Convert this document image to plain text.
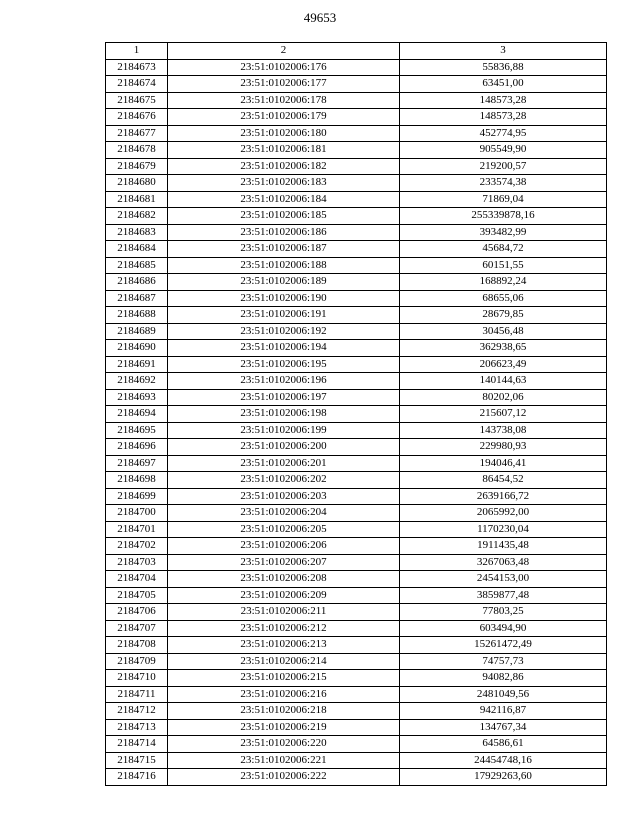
49653
1	2	3
2184673	23:51:0102006:176	55836,88
2184674	23:51:0102006:177	63451,00
2184675	23:51:0102006:178	148573,28
2184676	23:51:0102006:179	148573,28
2184677	23:51:0102006:180	452774,95
2184678	23:51:0102006:181	905549,90
2184679	23:51:0102006:182	219200,57
2184680	23:51:0102006:183	233574,38
2184681	23:51:0102006:184	71869,04
2184682	23:51:0102006:185	255339878,16
2184683	23:51:0102006:186	393482,99
2184684	23:51:0102006:187	45684,72
2184685	23:51:0102006:188	60151,55
2184686	23:51:0102006:189	168892,24
2184687	23:51:0102006:190	68655,06
2184688	23:51:0102006:191	28679,85
2184689	23:51:0102006:192	30456,48
2184690	23:51:0102006:194	362938,65
2184691	23:51:0102006:195	206623,49
2184692	23:51:0102006:196	140144,63
2184693	23:51:0102006:197	80202,06
2184694	23:51:0102006:198	215607,12
2184695	23:51:0102006:199	143738,08
2184696	23:51:0102006:200	229980,93
2184697	23:51:0102006:201	194046,41
2184698	23:51:0102006:202	86454,52
2184699	23:51:0102006:203	2639166,72
2184700	23:51:0102006:204	2065992,00
2184701	23:51:0102006:205	1170230,04
2184702	23:51:0102006:206	1911435,48
2184703	23:51:0102006:207	3267063,48
2184704	23:51:0102006:208	2454153,00
2184705	23:51:0102006:209	3859877,48
2184706	23:51:0102006:211	77803,25
2184707	23:51:0102006:212	603494,90
2184708	23:51:0102006:213	15261472,49
2184709	23:51:0102006:214	74757,73
2184710	23:51:0102006:215	94082,86
2184711	23:51:0102006:216	2481049,56
2184712	23:51:0102006:218	942116,87
2184713	23:51:0102006:219	134767,34
2184714	23:51:0102006:220	64586,61
2184715	23:51:0102006:221	24454748,16
2184716	23:51:0102006:222	17929263,60
